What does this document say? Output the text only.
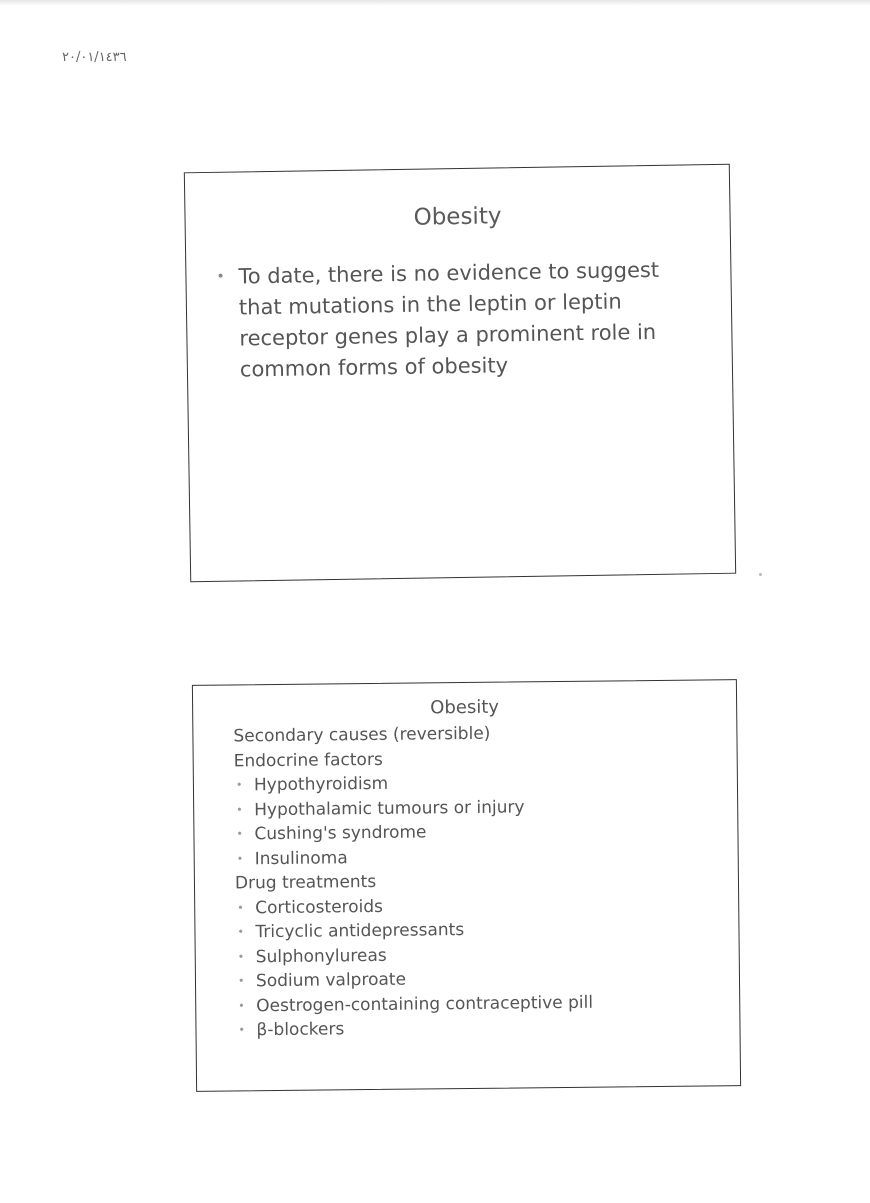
٢٠/٠١/١٤٣٦
Obesity
• To date, there is no evidence to suggest that mutations in the leptin or leptin receptor genes play a prominent role in common forms of obesity
Obesity
Secondary causes (reversible)
Endocrine factors
• Hypothyroidism
• Hypothalamic tumours or injury
• Cushing's syndrome
• Insulinoma
Drug treatments
• Corticosteroids
• Tricyclic antidepressants
• Sulphonylureas
• Sodium valproate
• Oestrogen-containing contraceptive pill
• β-blockers
